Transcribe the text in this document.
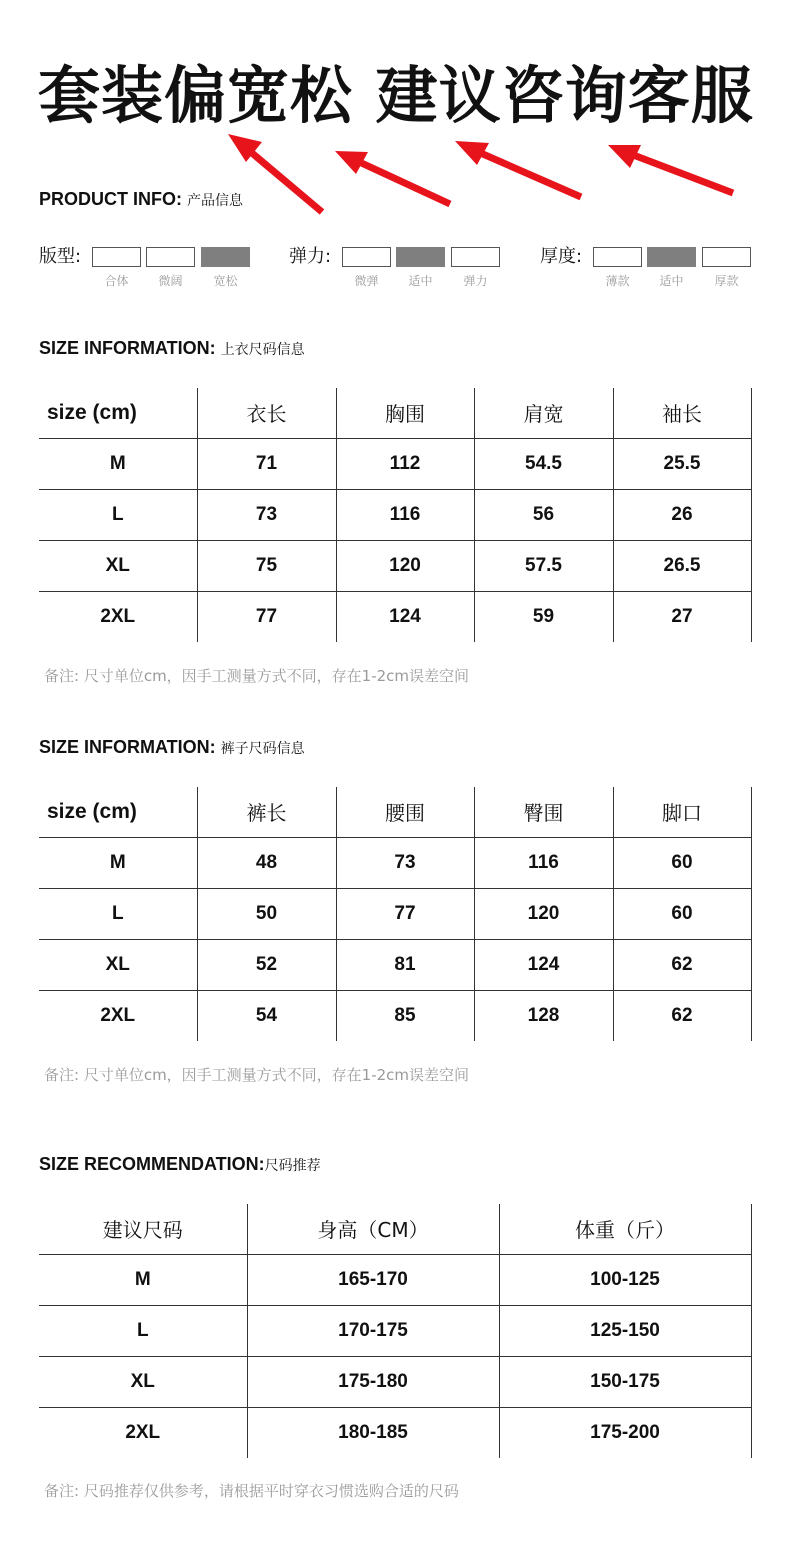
套装偏宽松 建议咨询客服
PRODUCT INFO: 产品信息
版型:
合体	微阔	宽松
弹力:
微弹	适中	弹力
厚度:
薄款	适中	厚款
SIZE INFORMATION: 上衣尺码信息
size (cm)	衣长	胸围	肩宽	袖长
M	71	112	54.5	25.5
L	73	116	56	26
XL	75	120	57.5	26.5
2XL	77	124	59	27
备注: 尺寸单位cm，因手工测量方式不同，存在1-2cm误差空间
SIZE INFORMATION: 裤子尺码信息
size (cm)	裤长	腰围	臀围	脚口
M	48	73	116	60
L	50	77	120	60
XL	52	81	124	62
2XL	54	85	128	62
备注: 尺寸单位cm，因手工测量方式不同，存在1-2cm误差空间
SIZE RECOMMENDATION:尺码推荐
建议尺码	身高（CM）	体重（斤）
M	165-170	100-125
L	170-175	125-150
XL	175-180	150-175
2XL	180-185	175-200
备注: 尺码推荐仅供参考，请根据平时穿衣习惯选购合适的尺码
